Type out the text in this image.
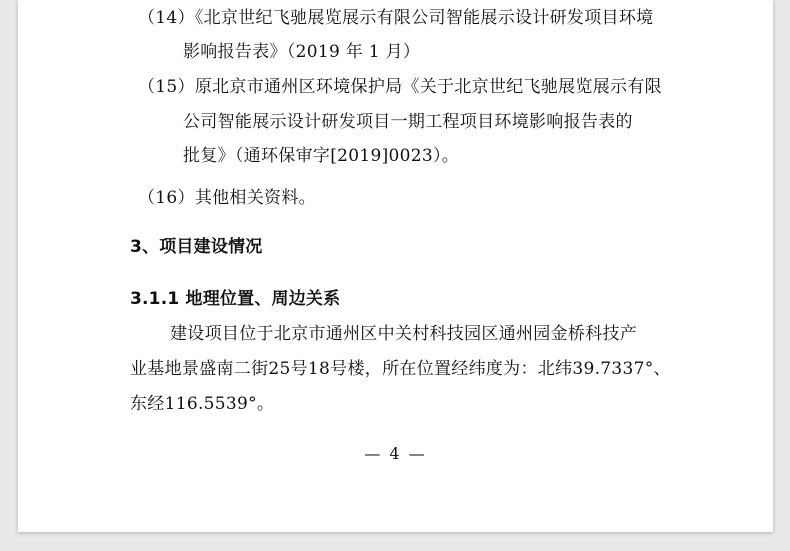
（14）《北京世纪飞驰展览展示有限公司智能展示设计研发项目环境
影响报告表》（2019 年 1 月）
（15）原北京市通州区环境保护局《关于北京世纪飞驰展览展示有限
公司智能展示设计研发项目一期工程项目环境影响报告表的
批复》（通环保审字[2019]0023）。
（16）其他相关资料。
3、项目建设情况
3.1.1 地理位置、周边关系
建设项目位于北京市通州区中关村科技园区通州园金桥科技产
业基地景盛南二街25号18号楼，所在位置经纬度为：北纬39.7337°、
东经116.5539°。
— 4 —
